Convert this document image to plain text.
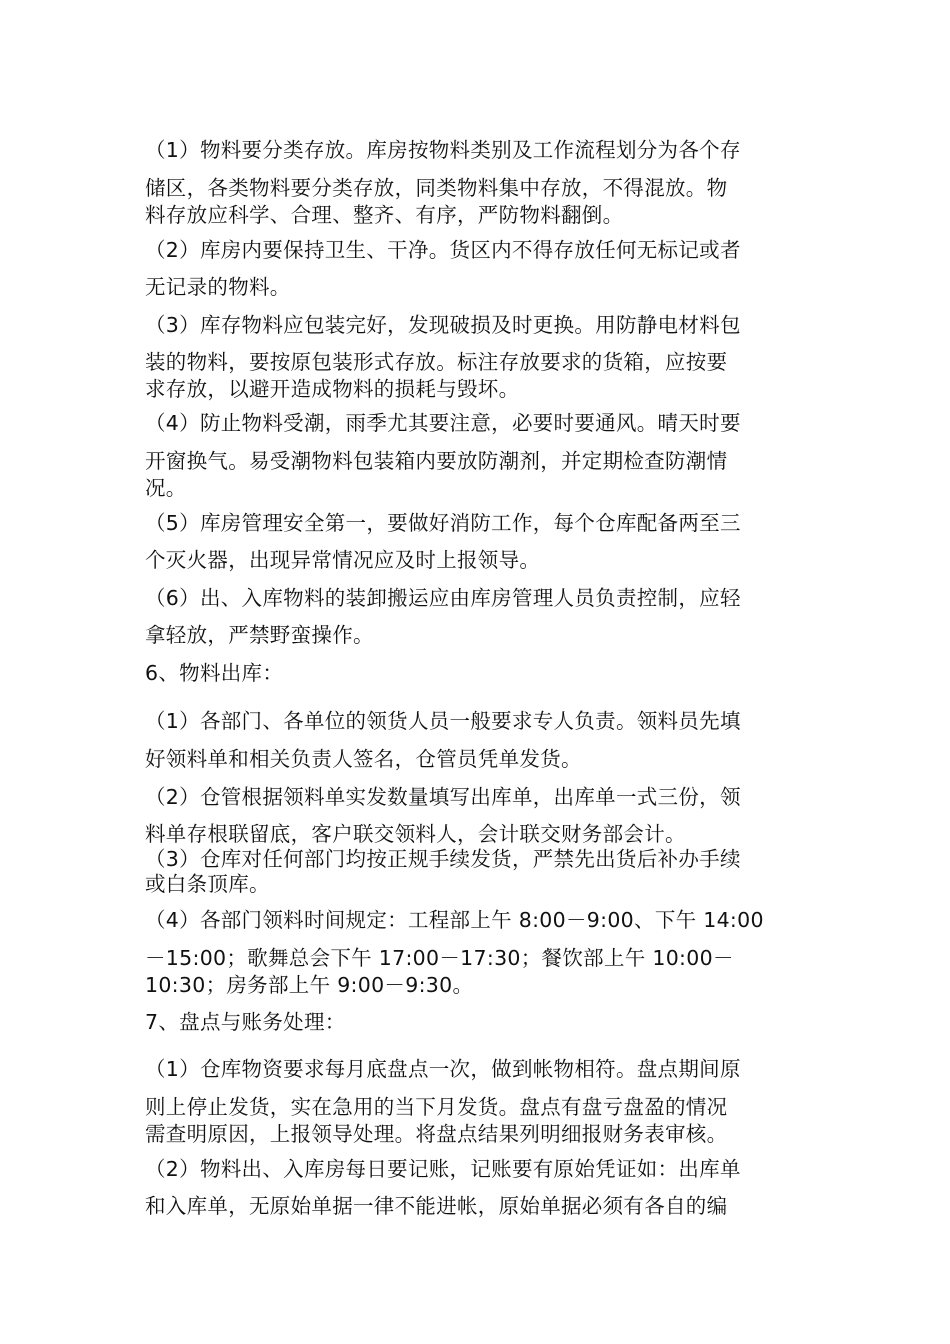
（1）物料要分类存放。库房按物料类别及工作流程划分为各个存
储区，各类物料要分类存放，同类物料集中存放，不得混放。物
料存放应科学、合理、整齐、有序，严防物料翻倒。
（2）库房内要保持卫生、干净。货区内不得存放任何无标记或者
无记录的物料。
（3）库存物料应包装完好，发现破损及时更换。用防静电材料包
装的物料，要按原包装形式存放。标注存放要求的货箱，应按要
求存放，以避开造成物料的损耗与毁坏。
（4）防止物料受潮，雨季尤其要注意，必要时要通风。晴天时要
开窗换气。易受潮物料包装箱内要放防潮剂，并定期检查防潮情
况。
（5）库房管理安全第一，要做好消防工作，每个仓库配备两至三
个灭火器，出现异常情况应及时上报领导。
（6）出、入库物料的装卸搬运应由库房管理人员负责控制，应轻
拿轻放，严禁野蛮操作。
6、物料出库：
（1）各部门、各单位的领货人员一般要求专人负责。领料员先填
好领料单和相关负责人签名，仓管员凭单发货。
（2）仓管根据领料单实发数量填写出库单，出库单一式三份，领
料单存根联留底，客户联交领料人，会计联交财务部会计。
（3）仓库对任何部门均按正规手续发货，严禁先出货后补办手续
或白条顶库。
（4）各部门领料时间规定：工程部上午 8:00－9:00、下午 14:00
－15:00；歌舞总会下午 17:00－17:30；餐饮部上午 10:00－
10:30；房务部上午 9:00－9:30。
7、盘点与账务处理：
（1）仓库物资要求每月底盘点一次，做到帐物相符。盘点期间原
则上停止发货，实在急用的当下月发货。盘点有盘亏盘盈的情况
需查明原因，上报领导处理。将盘点结果列明细报财务表审核。
（2）物料出、入库房每日要记账，记账要有原始凭证如：出库单
和入库单，无原始单据一律不能进帐，原始单据必须有各自的编
